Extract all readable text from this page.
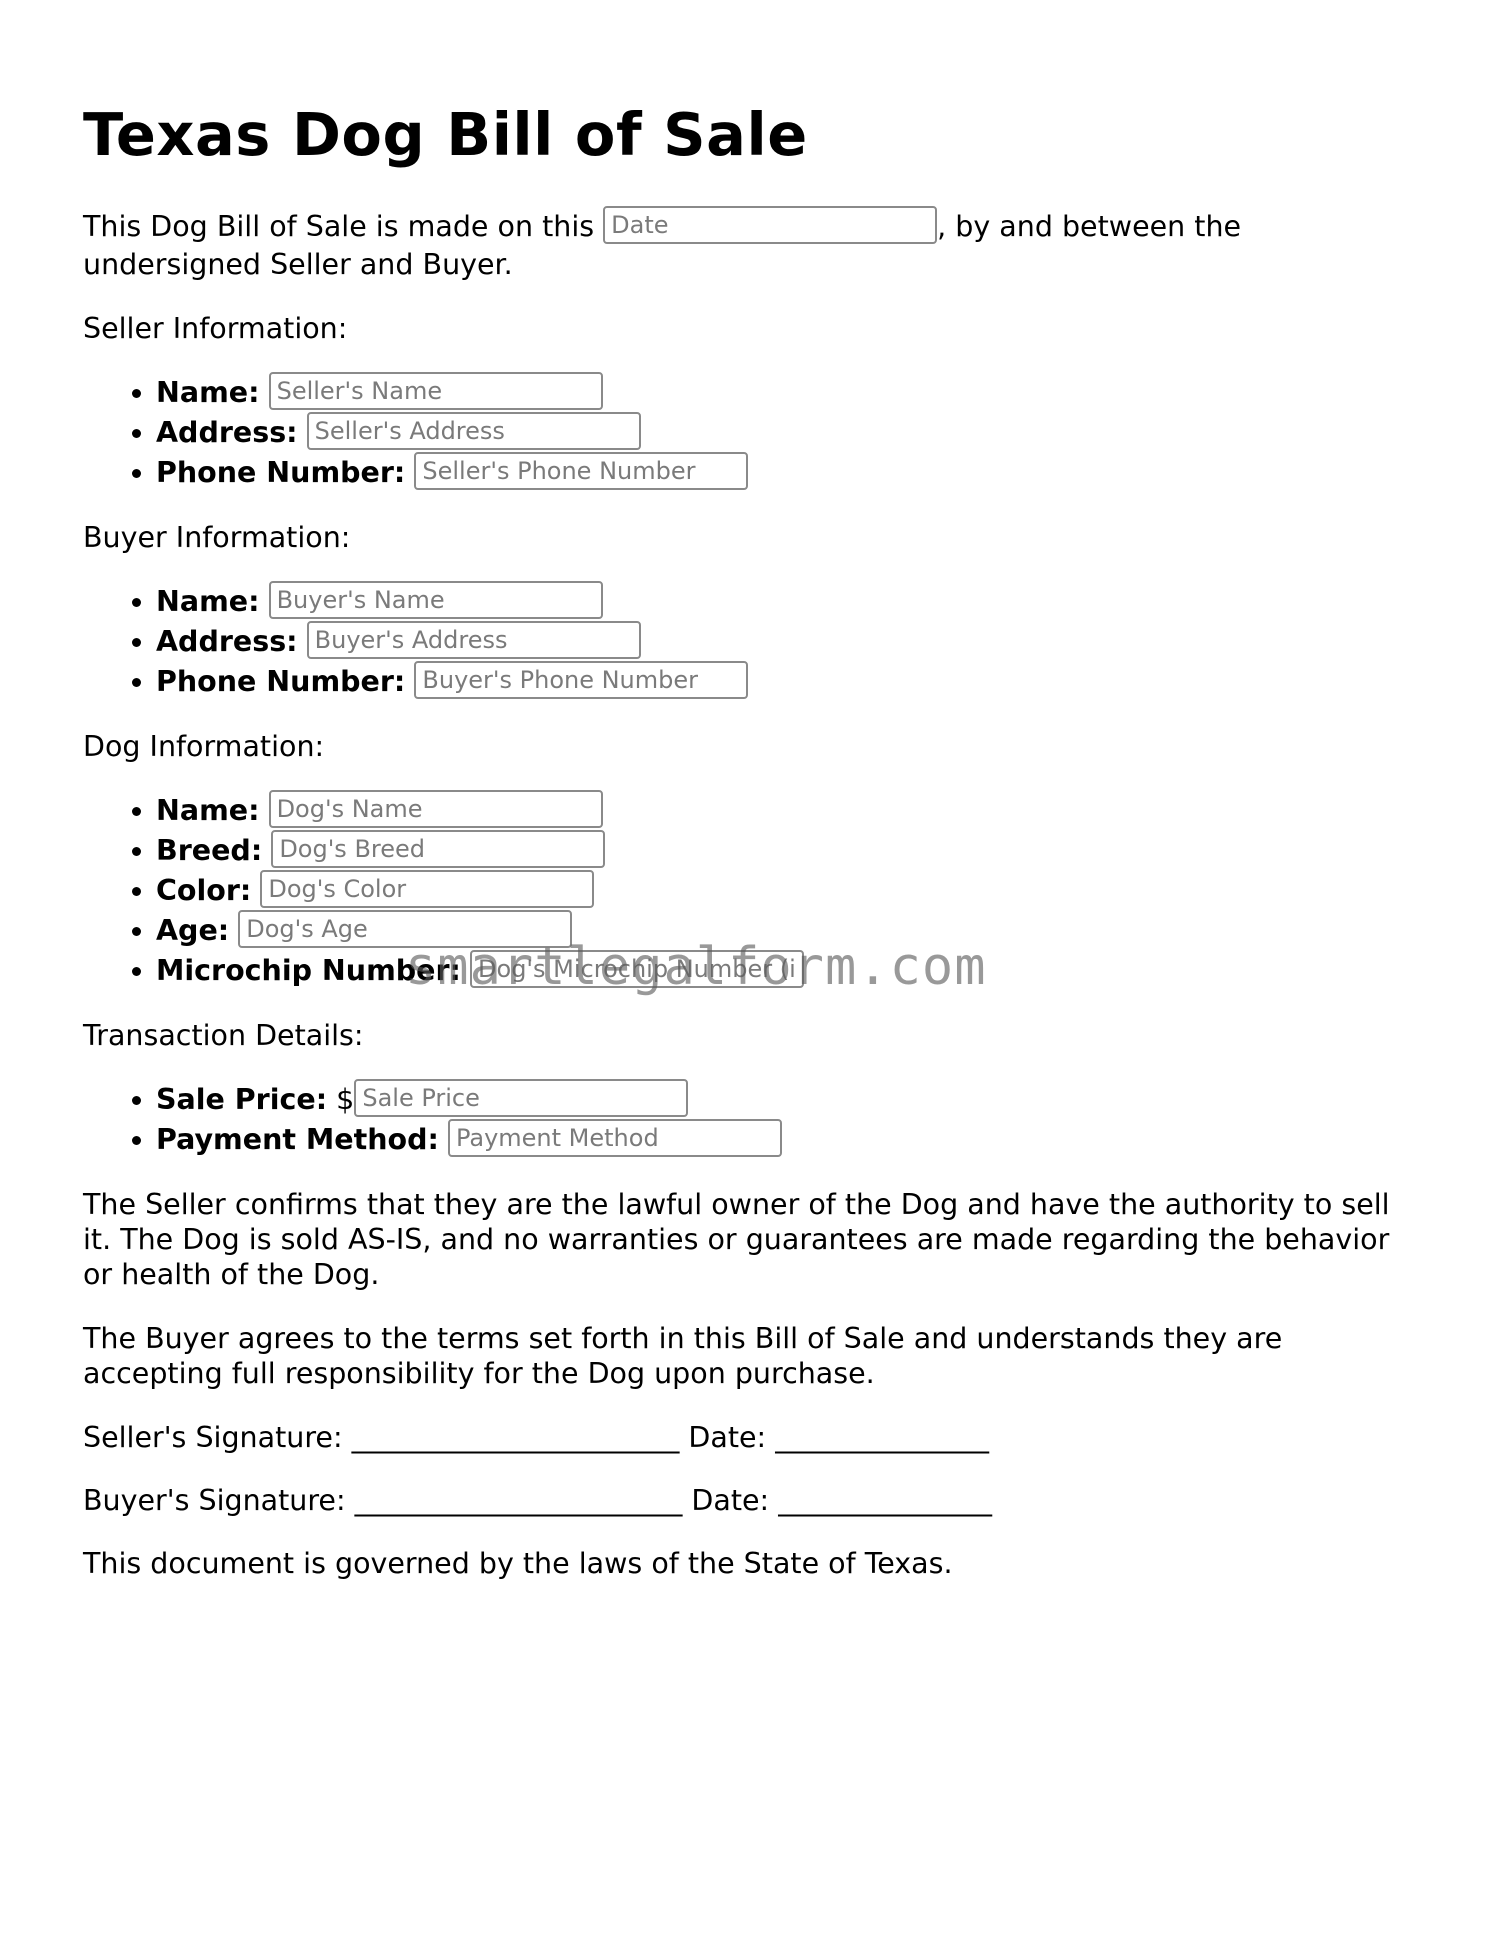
Texas Dog Bill of Sale

This Dog Bill of Sale is made on this Date	, by and between the undersigned Seller and Buyer.

Seller Information:

• Name: Seller's Name
• Address: Seller's Address
• Phone Number: Seller's Phone Number

Buyer Information:

• Name: Buyer's Name
• Address: Buyer's Address
• Phone Number: Buyer's Phone Number

Dog Information:

• Name: Dog's Name
• Breed: Dog's Breed
• Color: Dog's Color
• Age: Dog's Age
• Microchip Number: Dog's Microchip Number (i

Transaction Details:

• Sale Price: $Sale Price
• Payment Method: Payment Method

The Seller confirms that they are the lawful owner of the Dog and have the authority to sell it. The Dog is sold AS-IS, and no warranties or guarantees are made regarding the behavior or health of the Dog.

The Buyer agrees to the terms set forth in this Bill of Sale and understands they are accepting full responsibility for the Dog upon purchase.

Seller's Signature: _______________________ Date: _______________

Buyer's Signature: _______________________ Date: _______________

This document is governed by the laws of the State of Texas.

smartlegalform.com
